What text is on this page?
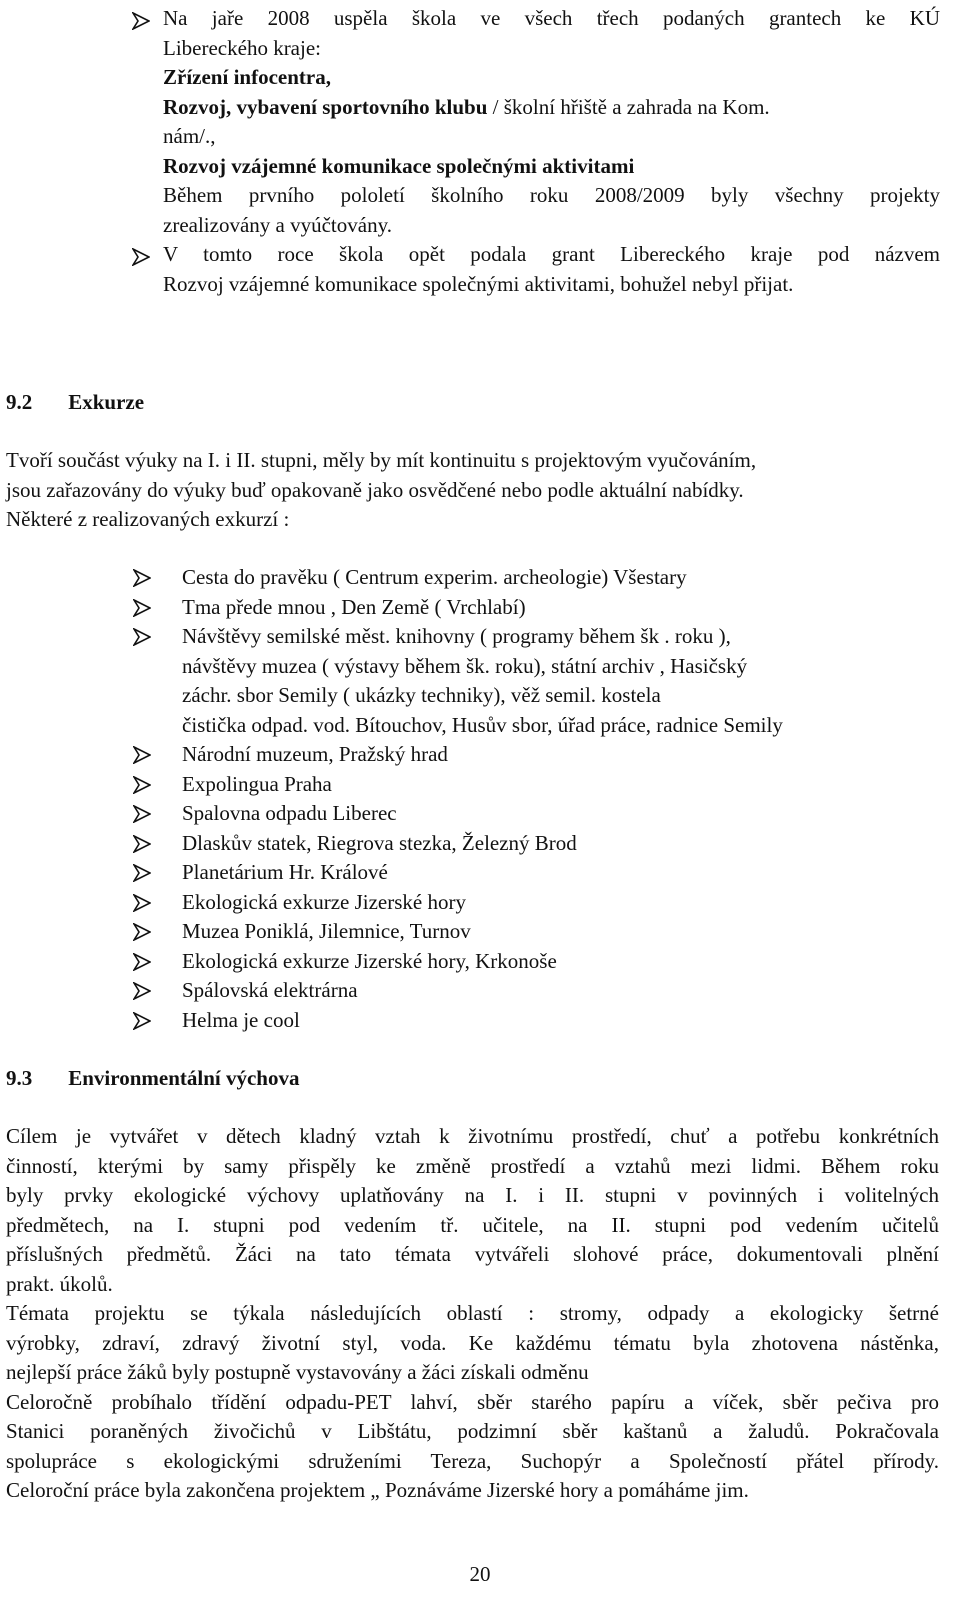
Na jaře 2008 uspěla škola ve všech třech podaných grantech ke KÚ
Libereckého kraje:
Zřízení infocentra,
Rozvoj, vybavení sportovního klubu / školní hřiště a zahrada na Kom.
nám/.,
Rozvoj vzájemné komunikace společnými aktivitami
Během prvního pololetí školního roku 2008/2009 byly všechny projekty
zrealizovány a vyúčtovány.
V tomto roce škola opět podala grant Libereckého kraje pod názvem
Rozvoj vzájemné komunikace společnými aktivitami, bohužel nebyl přijat.
9.2 Exkurze
Tvoří součást výuky na I. i II. stupni, měly by mít kontinuitu s projektovým vyučováním,
jsou zařazovány do výuky buď opakovaně jako osvědčené nebo podle aktuální nabídky.
Některé z realizovaných exkurzí :
Cesta do pravěku ( Centrum experim. archeologie) Všestary
Tma přede mnou , Den Země ( Vrchlabí)
Návštěvy semilské měst. knihovny ( programy během šk . roku ),
návštěvy muzea ( výstavy během šk. roku), státní archiv , Hasičský
záchr. sbor Semily ( ukázky techniky), věž semil. kostela
čistička odpad. vod. Bítouchov, Husův sbor, úřad práce, radnice Semily
Národní muzeum, Pražský hrad
Expolingua Praha
Spalovna odpadu Liberec
Dlaskův statek, Riegrova stezka, Železný Brod
Planetárium Hr. Králové
Ekologická exkurze Jizerské hory
Muzea Poniklá, Jilemnice, Turnov
Ekologická exkurze Jizerské hory, Krkonoše
Spálovská elektrárna
Helma je cool
9.3 Environmentální výchova
Cílem je vytvářet v dětech kladný vztah k životnímu prostředí, chuť a potřebu konkrétních
činností, kterými by samy přispěly ke změně prostředí a vztahů mezi lidmi. Během roku
byly prvky ekologické výchovy uplatňovány na I. i II. stupni v povinných i volitelných
předmětech, na I. stupni pod vedením tř. učitele, na II. stupni pod vedením učitelů
příslušných předmětů. Žáci na tato témata vytvářeli slohové práce, dokumentovali plnění
prakt. úkolů.
Témata projektu se týkala následujících oblastí : stromy, odpady a ekologicky šetrné
výrobky, zdraví, zdravý životní styl, voda. Ke každému tématu byla zhotovena nástěnka,
nejlepší práce žáků byly postupně vystavovány a žáci získali odměnu
Celoročně probíhalo třídění odpadu-PET lahví, sběr starého papíru a víček, sběr pečiva pro
Stanici poraněných živočichů v Libštátu, podzimní sběr kaštanů a žaludů. Pokračovala
spolupráce s ekologickými sdruženími Tereza, Suchopýr a Společností přátel přírody.
Celoroční práce byla zakončena projektem „ Poznáváme Jizerské hory a pomáháme jim.
20
